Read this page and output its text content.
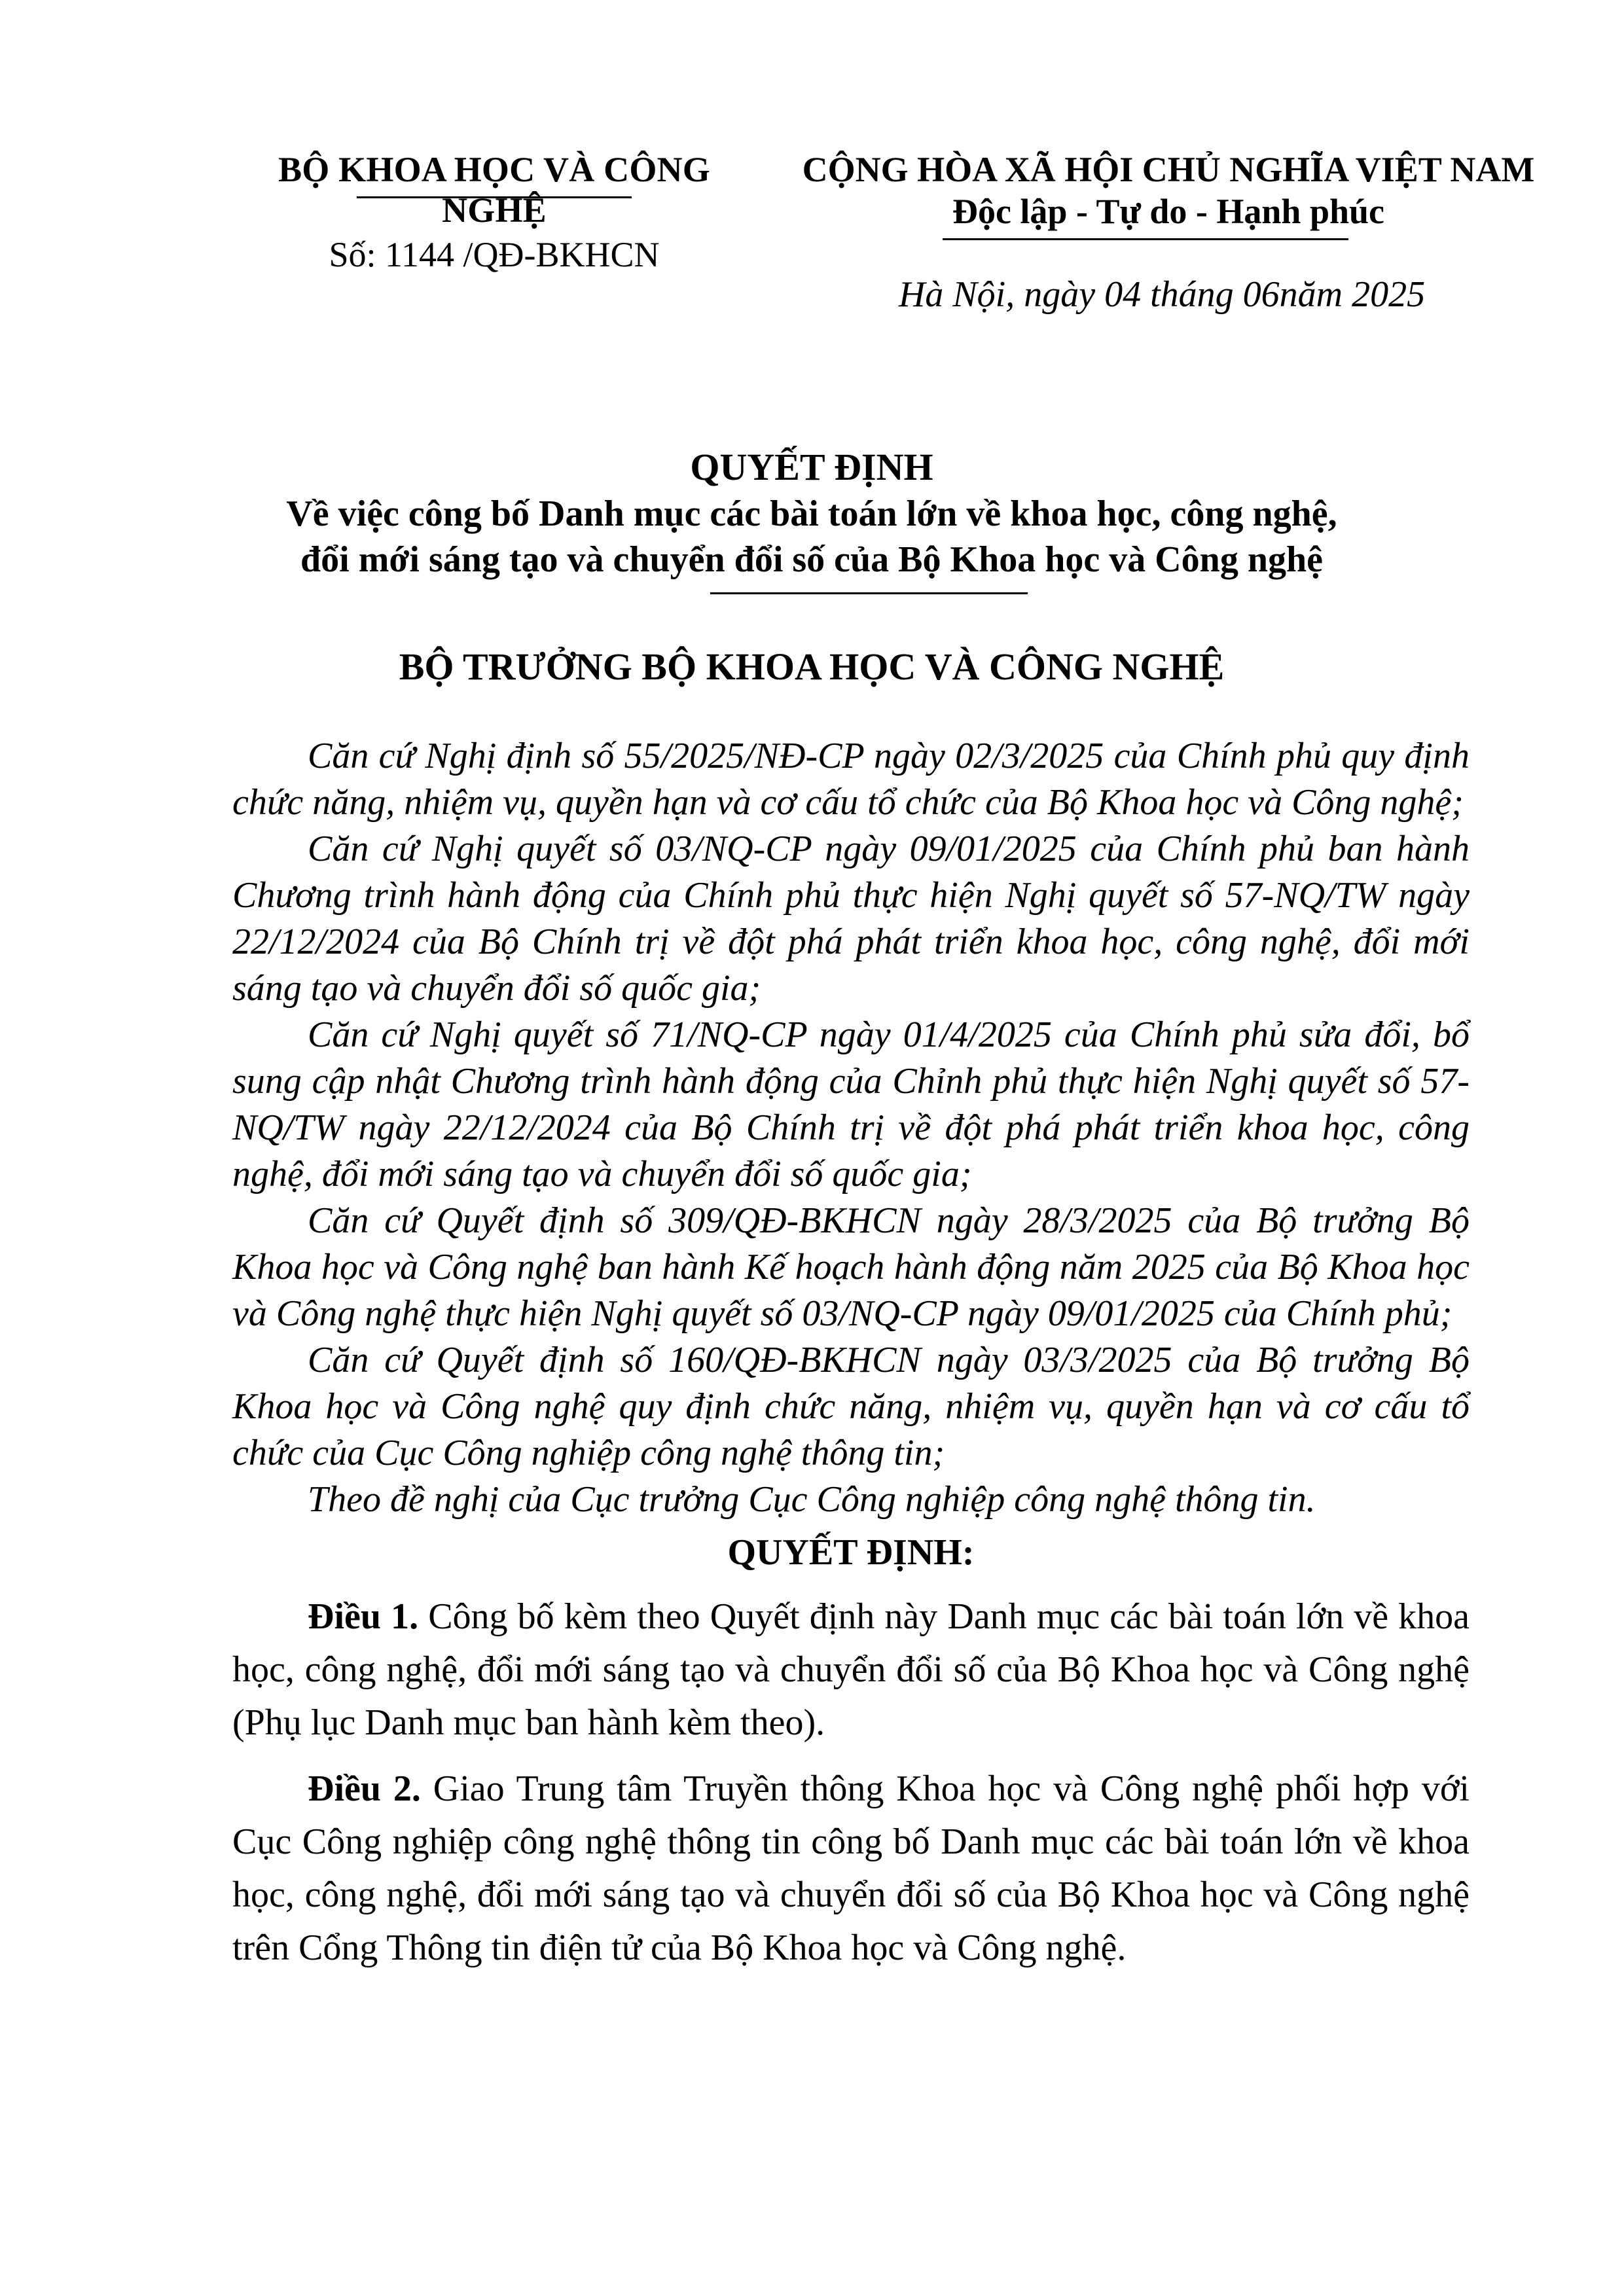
BỘ KHOA HỌC VÀ CÔNG NGHỆ
Số: 1144 /QĐ-BKHCN
CỘNG HÒA XÃ HỘI CHỦ NGHĨA VIỆT NAM
Độc lập - Tự do - Hạnh phúc
Hà Nội, ngày 04 tháng 06năm 2025
QUYẾT ĐỊNH
Về việc công bố Danh mục các bài toán lớn về khoa học, công nghệ,
đổi mới sáng tạo và chuyển đổi số của Bộ Khoa học và Công nghệ
BỘ TRƯỞNG BỘ KHOA HỌC VÀ CÔNG NGHỆ

Căn cứ Nghị định số 55/2025/NĐ-CP ngày 02/3/2025 của Chính phủ quy định chức năng, nhiệm vụ, quyền hạn và cơ cấu tổ chức của Bộ Khoa học và Công nghệ;

Căn cứ Nghị quyết số 03/NQ-CP ngày 09/01/2025 của Chính phủ ban hành Chương trình hành động của Chính phủ thực hiện Nghị quyết số 57-NQ/TW ngày 22/12/2024 của Bộ Chính trị về đột phá phát triển khoa học, công nghệ, đổi mới sáng tạo và chuyển đổi số quốc gia;

Căn cứ Nghị quyết số 71/NQ-CP ngày 01/4/2025 của Chính phủ sửa đổi, bổ sung cập nhật Chương trình hành động của Chỉnh phủ thực hiện Nghị quyết số 57-NQ/TW ngày 22/12/2024 của Bộ Chính trị về đột phá phát triển khoa học, công nghệ, đổi mới sáng tạo và chuyển đổi số quốc gia;

Căn cứ Quyết định số 309/QĐ-BKHCN ngày 28/3/2025 của Bộ trưởng Bộ Khoa học và Công nghệ ban hành Kế hoạch hành động năm 2025 của Bộ Khoa học và Công nghệ thực hiện Nghị quyết số 03/NQ-CP ngày 09/01/2025 của Chính phủ;

Căn cứ Quyết định số 160/QĐ-BKHCN ngày 03/3/2025 của Bộ trưởng Bộ Khoa học và Công nghệ quy định chức năng, nhiệm vụ, quyền hạn và cơ cấu tổ chức của Cục Công nghiệp công nghệ thông tin;

Theo đề nghị của Cục trưởng Cục Công nghiệp công nghệ thông tin.

QUYẾT ĐỊNH:

Điều 1. Công bố kèm theo Quyết định này Danh mục các bài toán lớn về khoa học, công nghệ, đổi mới sáng tạo và chuyển đổi số của Bộ Khoa học và Công nghệ (Phụ lục Danh mục ban hành kèm theo).

Điều 2. Giao Trung tâm Truyền thông Khoa học và Công nghệ phối hợp với Cục Công nghiệp công nghệ thông tin công bố Danh mục các bài toán lớn về khoa học, công nghệ, đổi mới sáng tạo và chuyển đổi số của Bộ Khoa học và Công nghệ trên Cổng Thông tin điện tử của Bộ Khoa học và Công nghệ.
